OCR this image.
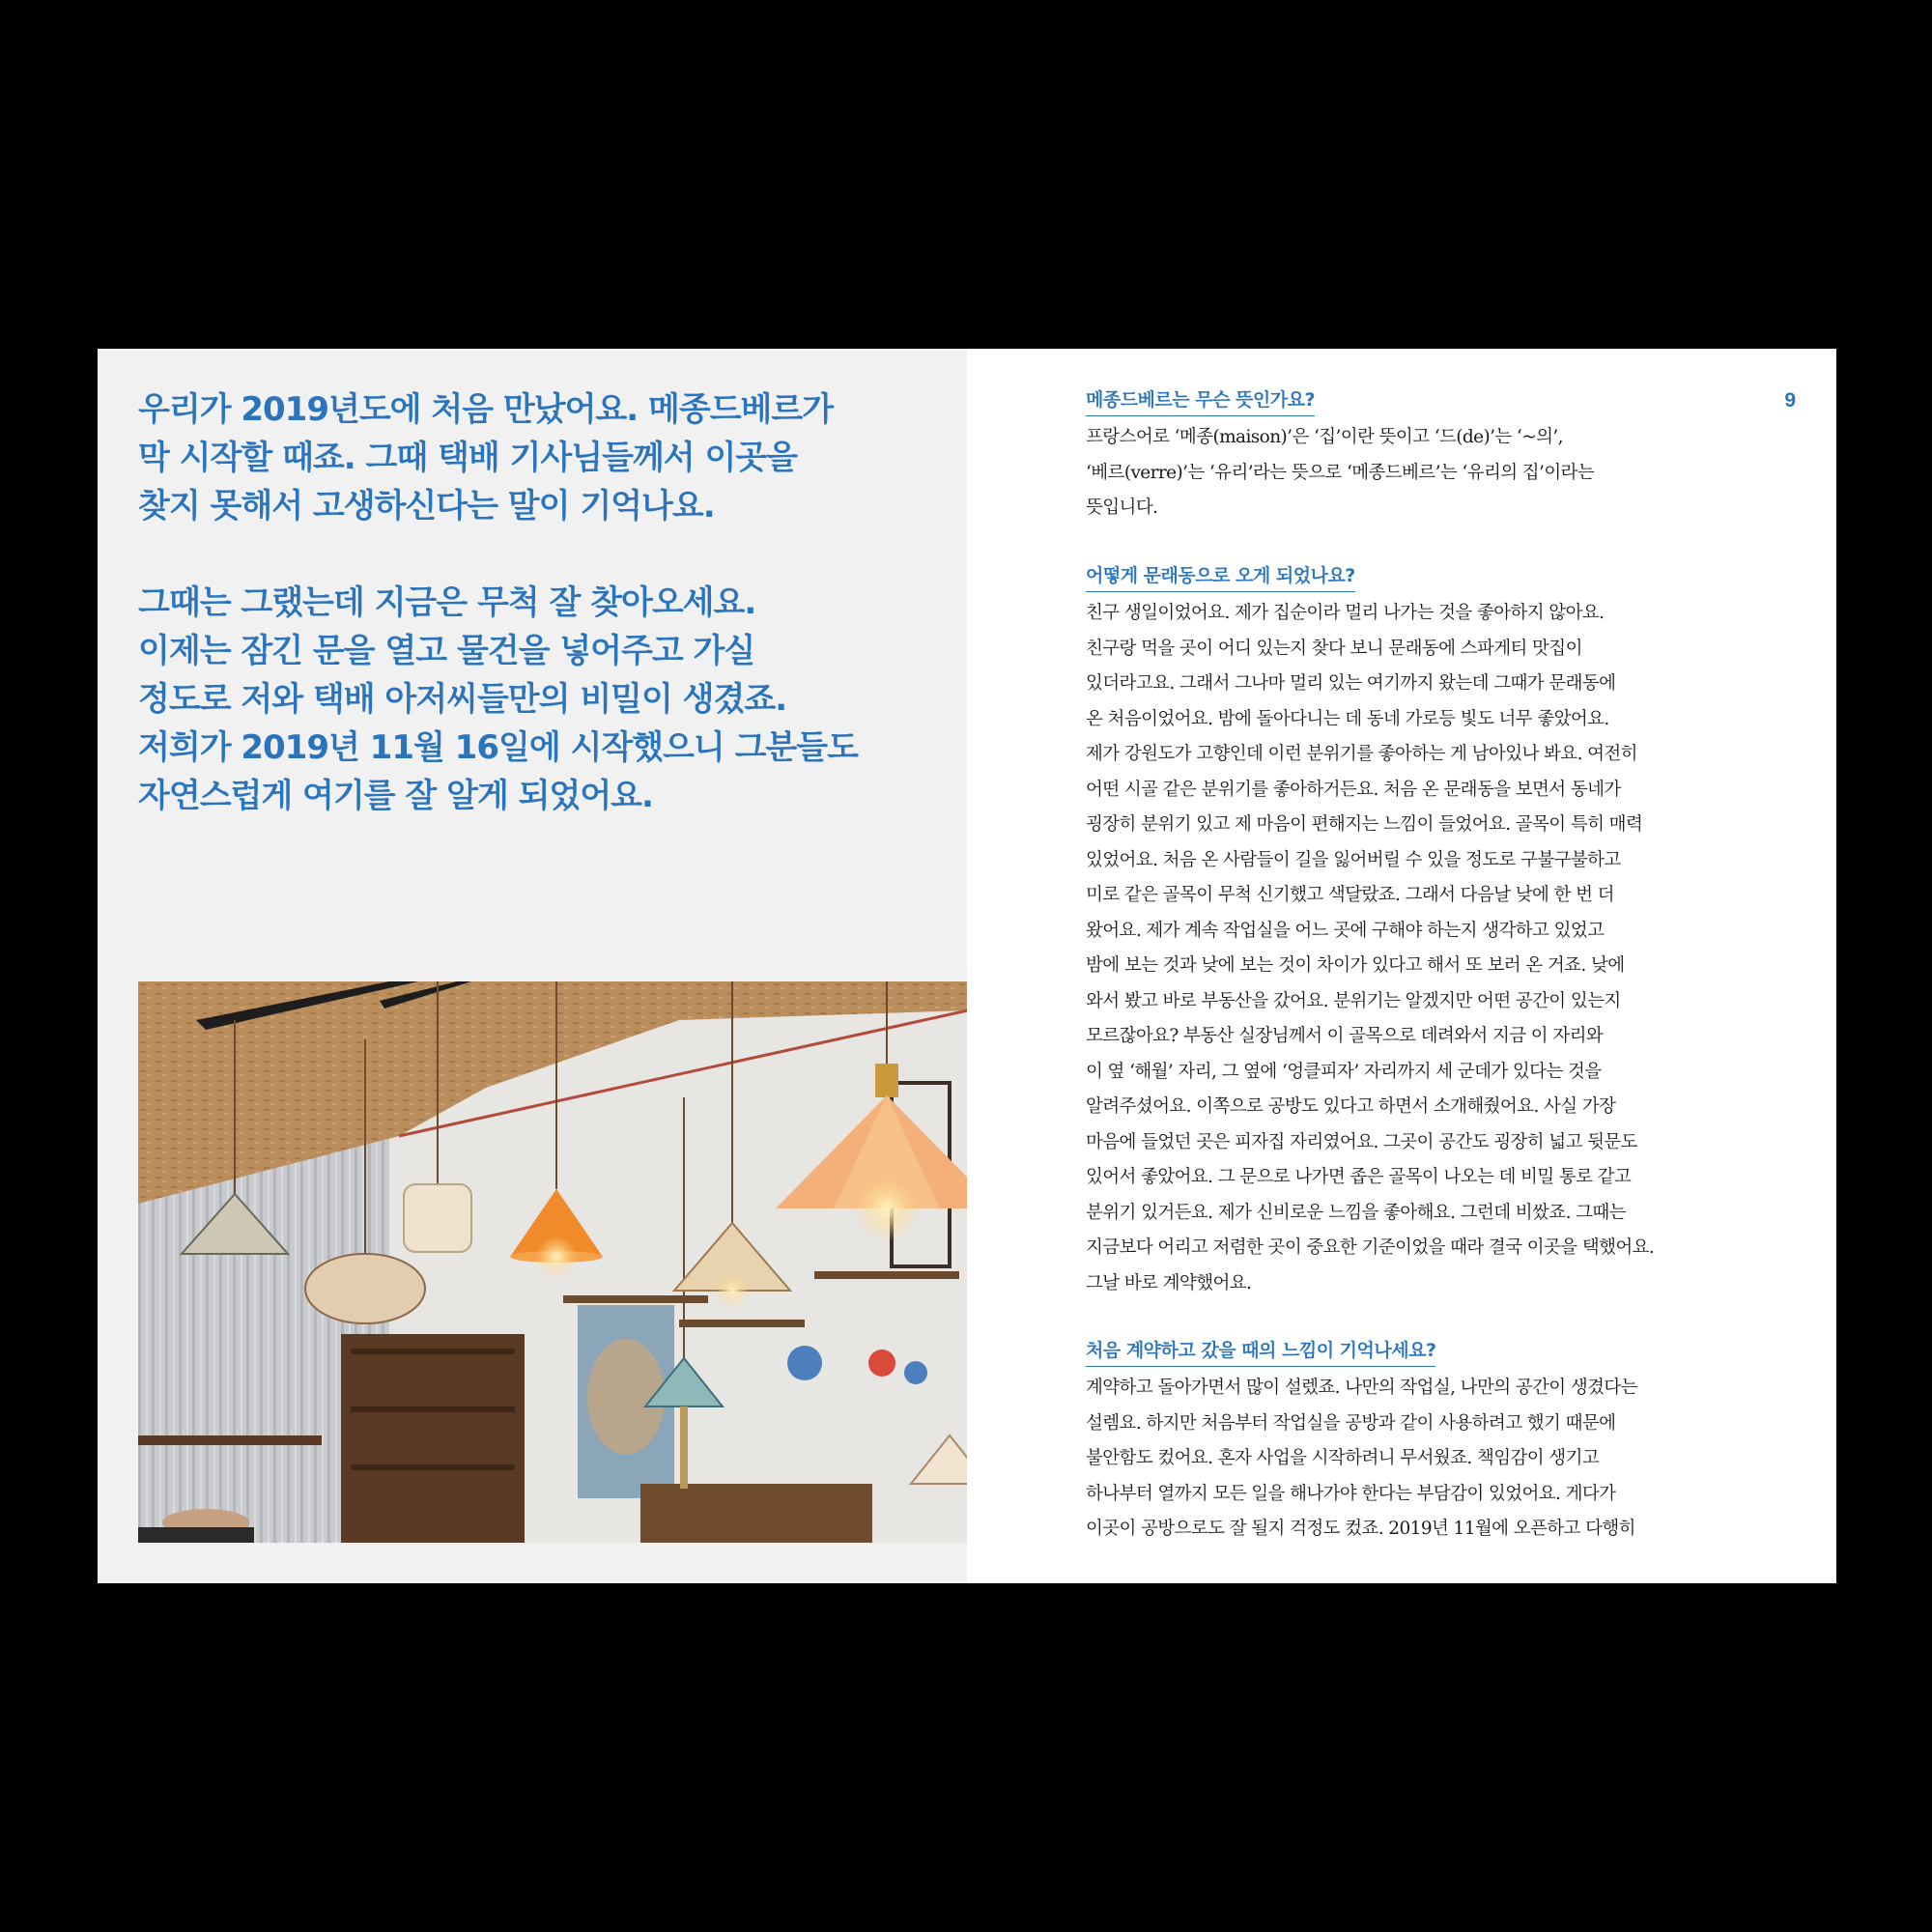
우리가 2019년도에 처음 만났어요. 메종드베르가
막 시작할 때죠. 그때 택배 기사님들께서 이곳을
찾지 못해서 고생하신다는 말이 기억나요.

그때는 그랬는데 지금은 무척 잘 찾아오세요.
이제는 잠긴 문을 열고 물건을 넣어주고 가실
정도로 저와 택배 아저씨들만의 비밀이 생겼죠.
저희가 2019년 11월 16일에 시작했으니 그분들도
자연스럽게 여기를 잘 알게 되었어요.

9
메종드베르는 무슨 뜻인가요?
프랑스어로 ‘메종(maison)’은 ‘집’이란 뜻이고 ‘드(de)’는 ‘~의’,
‘베르(verre)’는 ‘유리’라는 뜻으로 ‘메종드베르’는 ‘유리의 집’이라는
뜻입니다.
어떻게 문래동으로 오게 되었나요?
친구 생일이었어요. 제가 집순이라 멀리 나가는 것을 좋아하지 않아요.
친구랑 먹을 곳이 어디 있는지 찾다 보니 문래동에 스파게티 맛집이
있더라고요. 그래서 그나마 멀리 있는 여기까지 왔는데 그때가 문래동에
온 처음이었어요. 밤에 돌아다니는 데 동네 가로등 빛도 너무 좋았어요.
제가 강원도가 고향인데 이런 분위기를 좋아하는 게 남아있나 봐요. 여전히
어떤 시골 같은 분위기를 좋아하거든요. 처음 온 문래동을 보면서 동네가
굉장히 분위기 있고 제 마음이 편해지는 느낌이 들었어요. 골목이 특히 매력
있었어요. 처음 온 사람들이 길을 잃어버릴 수 있을 정도로 구불구불하고
미로 같은 골목이 무척 신기했고 색달랐죠. 그래서 다음날 낮에 한 번 더
왔어요. 제가 계속 작업실을 어느 곳에 구해야 하는지 생각하고 있었고
밤에 보는 것과 낮에 보는 것이 차이가 있다고 해서 또 보러 온 거죠. 낮에
와서 봤고 바로 부동산을 갔어요. 분위기는 알겠지만 어떤 공간이 있는지
모르잖아요? 부동산 실장님께서 이 골목으로 데려와서 지금 이 자리와
이 옆 ‘해월’ 자리, 그 옆에 ‘엉클피자’ 자리까지 세 군데가 있다는 것을
알려주셨어요. 이쪽으로 공방도 있다고 하면서 소개해줬어요. 사실 가장
마음에 들었던 곳은 피자집 자리였어요. 그곳이 공간도 굉장히 넓고 뒷문도
있어서 좋았어요. 그 문으로 나가면 좁은 골목이 나오는 데 비밀 통로 같고
분위기 있거든요. 제가 신비로운 느낌을 좋아해요. 그런데 비쌌죠. 그때는
지금보다 어리고 저렴한 곳이 중요한 기준이었을 때라 결국 이곳을 택했어요.
그날 바로 계약했어요.
처음 계약하고 갔을 때의 느낌이 기억나세요?
계약하고 돌아가면서 많이 설렜죠. 나만의 작업실, 나만의 공간이 생겼다는
설렘요. 하지만 처음부터 작업실을 공방과 같이 사용하려고 했기 때문에
불안함도 컸어요. 혼자 사업을 시작하려니 무서웠죠. 책임감이 생기고
하나부터 열까지 모든 일을 해나가야 한다는 부담감이 있었어요. 게다가
이곳이 공방으로도 잘 될지 걱정도 컸죠. 2019년 11월에 오픈하고 다행히
